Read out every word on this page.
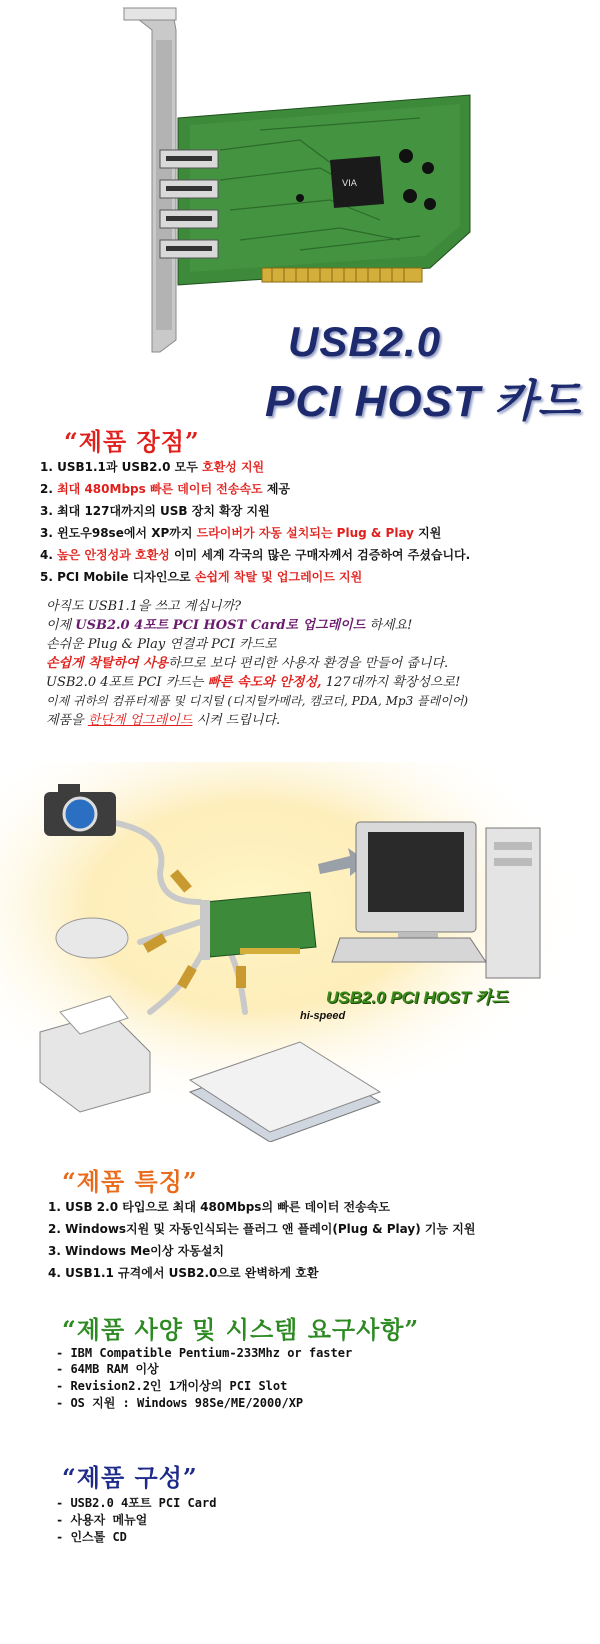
VIA
USB2.0
PCI HOST 카드
“제품 장점”
1. USB1.1과 USB2.0 모두 호환성 지원
2. 최대 480Mbps 빠른 데이터 전송속도 제공
3. 최대 127대까지의 USB 장치 확장 지원
3. 윈도우98se에서 XP까지 드라이버가 자동 설치되는 Plug & Play 지원
4. 높은 안정성과 호환성 이미 세계 각국의 많은 구매자께서 검증하여 주셨습니다.
5. PCI Mobile 디자인으로 손쉽게 착탈 및 업그레이드 지원

아직도 USB1.1을 쓰고 계십니까?

이제 USB2.0 4포트 PCI HOST Card로 업그레이드 하세요!

손쉬운 Plug & Play 연결과 PCI 카드로

손쉽게 착탈하여 사용하므로 보다 편리한 사용자 환경을 만들어 줍니다.

USB2.0 4포트 PCI 카드는 빠른 속도와 안정성, 127대까지 확장성으로!

이제 귀하의 컴퓨터제품 및 디지털 (디지털카메라, 캠코더, PDA, Mp3 플레이어)

제품을 한단계 업그레이드 시켜 드립니다.

USB2.0 PCI HOST 카드
hi-speed
“제품 특징”
1. USB 2.0 타입으로 최대 480Mbps의 빠른 데이터 전송속도
2. Windows지원 및 자동인식되는 플러그 앤 플레이(Plug & Play) 기능 지원
3. Windows Me이상 자동설치
4. USB1.1 규격에서 USB2.0으로 완벽하게 호환
“제품 사양 및 시스템 요구사항”
- IBM Compatible Pentium-233Mhz or faster
- 64MB RAM 이상
- Revision2.2인 1개이상의 PCI Slot
- OS 지원 : Windows 98Se/ME/2000/XP
“제품 구성”
- USB2.0 4포트 PCI Card
- 사용자 메뉴얼
- 인스톨 CD
